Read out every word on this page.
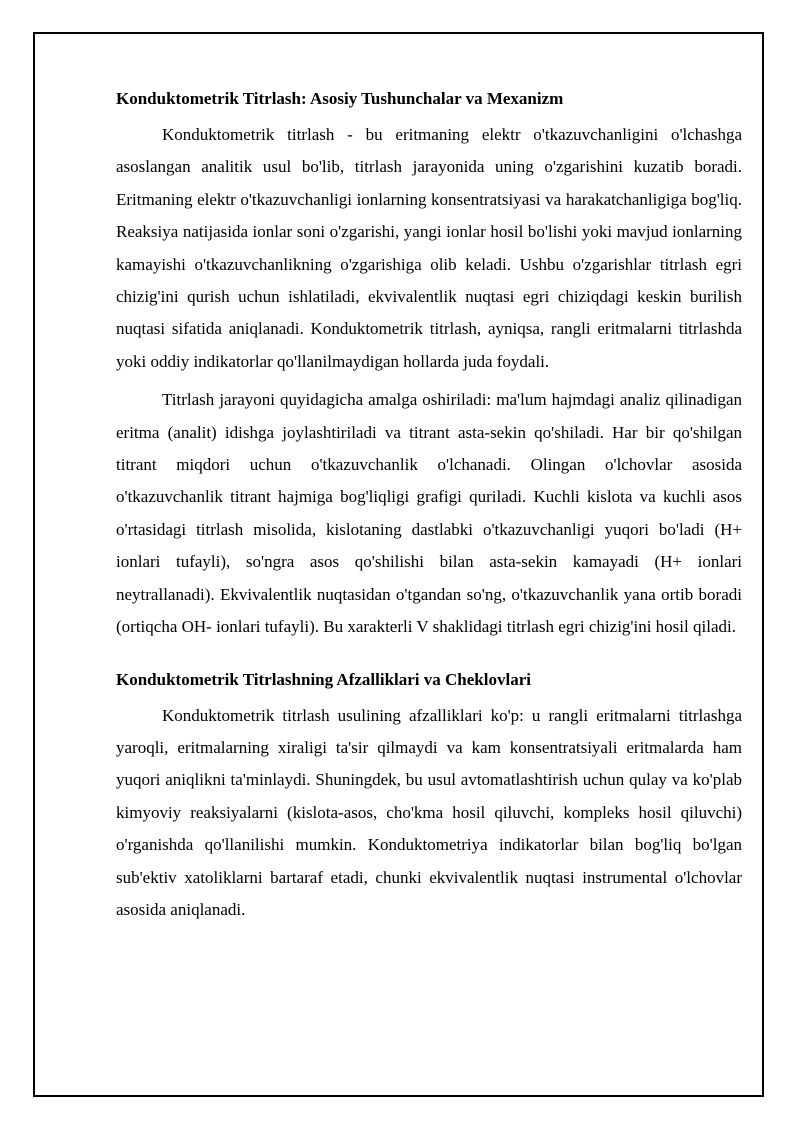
Konduktometrik Titrlash: Asosiy Tushunchalar va Mexanizm

Konduktometrik titrlash - bu eritmaning elektr o'tkazuvchanligini o'lchashga asoslangan analitik usul bo'lib, titrlash jarayonida uning o'zgarishini kuzatib boradi. Eritmaning elektr o'tkazuvchanligi ionlarning konsentratsiyasi va harakatchanligiga bog'liq. Reaksiya natijasida ionlar soni o'zgarishi, yangi ionlar hosil bo'lishi yoki mavjud ionlarning kamayishi o'tkazuvchanlikning o'zgarishiga olib keladi. Ushbu o'zgarishlar titrlash egri chizig'ini qurish uchun ishlatiladi, ekvivalentlik nuqtasi egri chiziqdagi keskin burilish nuqtasi sifatida aniqlanadi. Konduktometrik titrlash, ayniqsa, rangli eritmalarni titrlashda yoki oddiy indikatorlar qo'llanilmaydigan hollarda juda foydali.

Titrlash jarayoni quyidagicha amalga oshiriladi: ma'lum hajmdagi analiz qilinadigan eritma (analit) idishga joylashtiriladi va titrant asta-sekin qo'shiladi. Har bir qo'shilgan titrant miqdori uchun o'tkazuvchanlik o'lchanadi. Olingan o'lchovlar asosida o'tkazuvchanlik titrant hajmiga bog'liqligi grafigi quriladi. Kuchli kislota va kuchli asos o'rtasidagi titrlash misolida, kislotaning dastlabki o'tkazuvchanligi yuqori bo'ladi (H+ ionlari tufayli), so'ngra asos qo'shilishi bilan asta-sekin kamayadi (H+ ionlari neytrallanadi). Ekvivalentlik nuqtasidan o'tgandan so'ng, o'tkazuvchanlik yana ortib boradi (ortiqcha OH- ionlari tufayli). Bu xarakterli V shaklidagi titrlash egri chizig'ini hosil qiladi.

Konduktometrik Titrlashning Afzalliklari va Cheklovlari

Konduktometrik titrlash usulining afzalliklari ko'p: u rangli eritmalarni titrlashga yaroqli, eritmalarning xiraligi ta'sir qilmaydi va kam konsentratsiyali eritmalarda ham yuqori aniqlikni ta'minlaydi. Shuningdek, bu usul avtomatlashtirish uchun qulay va ko'plab kimyoviy reaksiyalarni (kislota-asos, cho'kma hosil qiluvchi, kompleks hosil qiluvchi) o'rganishda qo'llanilishi mumkin. Konduktometriya indikatorlar bilan bog'liq bo'lgan sub'ektiv xatoliklarni bartaraf etadi, chunki ekvivalentlik nuqtasi instrumental o'lchovlar asosida aniqlanadi.
